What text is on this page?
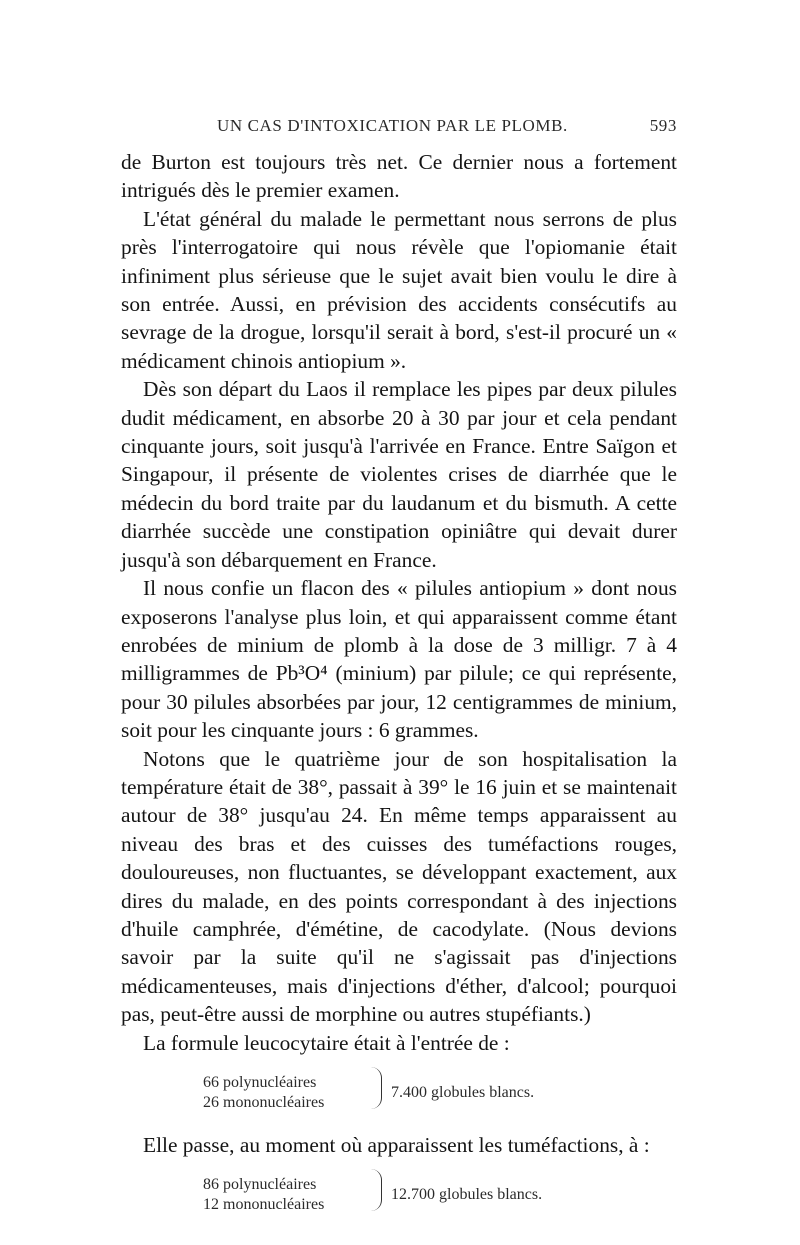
UN CAS D'INTOXICATION PAR LE PLOMB.	593

de Burton est toujours très net. Ce dernier nous a fortement intrigués dès le premier examen.

L'état général du malade le permettant nous serrons de plus près l'interrogatoire qui nous révèle que l'opiomanie était infiniment plus sérieuse que le sujet avait bien voulu le dire à son entrée. Aussi, en prévision des accidents consécutifs au sevrage de la drogue, lorsqu'il serait à bord, s'est-il procuré un « médicament chinois antiopium ».

Dès son départ du Laos il remplace les pipes par deux pilules dudit médicament, en absorbe 20 à 30 par jour et cela pendant cinquante jours, soit jusqu'à l'arrivée en France. Entre Saïgon et Singapour, il présente de violentes crises de diarrhée que le médecin du bord traite par du laudanum et du bismuth. A cette diarrhée succède une constipation opiniâtre qui devait durer jusqu'à son débarquement en France.

Il nous confie un flacon des « pilules antiopium » dont nous exposerons l'analyse plus loin, et qui apparaissent comme étant enrobées de minium de plomb à la dose de 3 milligr. 7 à 4 milligrammes de Pb³O⁴ (minium) par pilule; ce qui représente, pour 30 pilules absorbées par jour, 12 centigrammes de minium, soit pour les cinquante jours : 6 grammes.

Notons que le quatrième jour de son hospitalisation la température était de 38°, passait à 39° le 16 juin et se maintenait autour de 38° jusqu'au 24. En même temps apparaissent au niveau des bras et des cuisses des tuméfactions rouges, douloureuses, non fluctuantes, se développant exactement, aux dires du malade, en des points correspondant à des injections d'huile camphrée, d'émétine, de cacodylate. (Nous devions savoir par la suite qu'il ne s'agissait pas d'injections médicamenteuses, mais d'injections d'éther, d'alcool; pourquoi pas, peut-être aussi de morphine ou autres stupéfiants.)

La formule leucocytaire était à l'entrée de :

66 polynucléaires
26 mononucléaires
7.400 globules blancs.

Elle passe, au moment où apparaissent les tuméfactions, à :

86 polynucléaires
12 mononucléaires
12.700 globules blancs.
